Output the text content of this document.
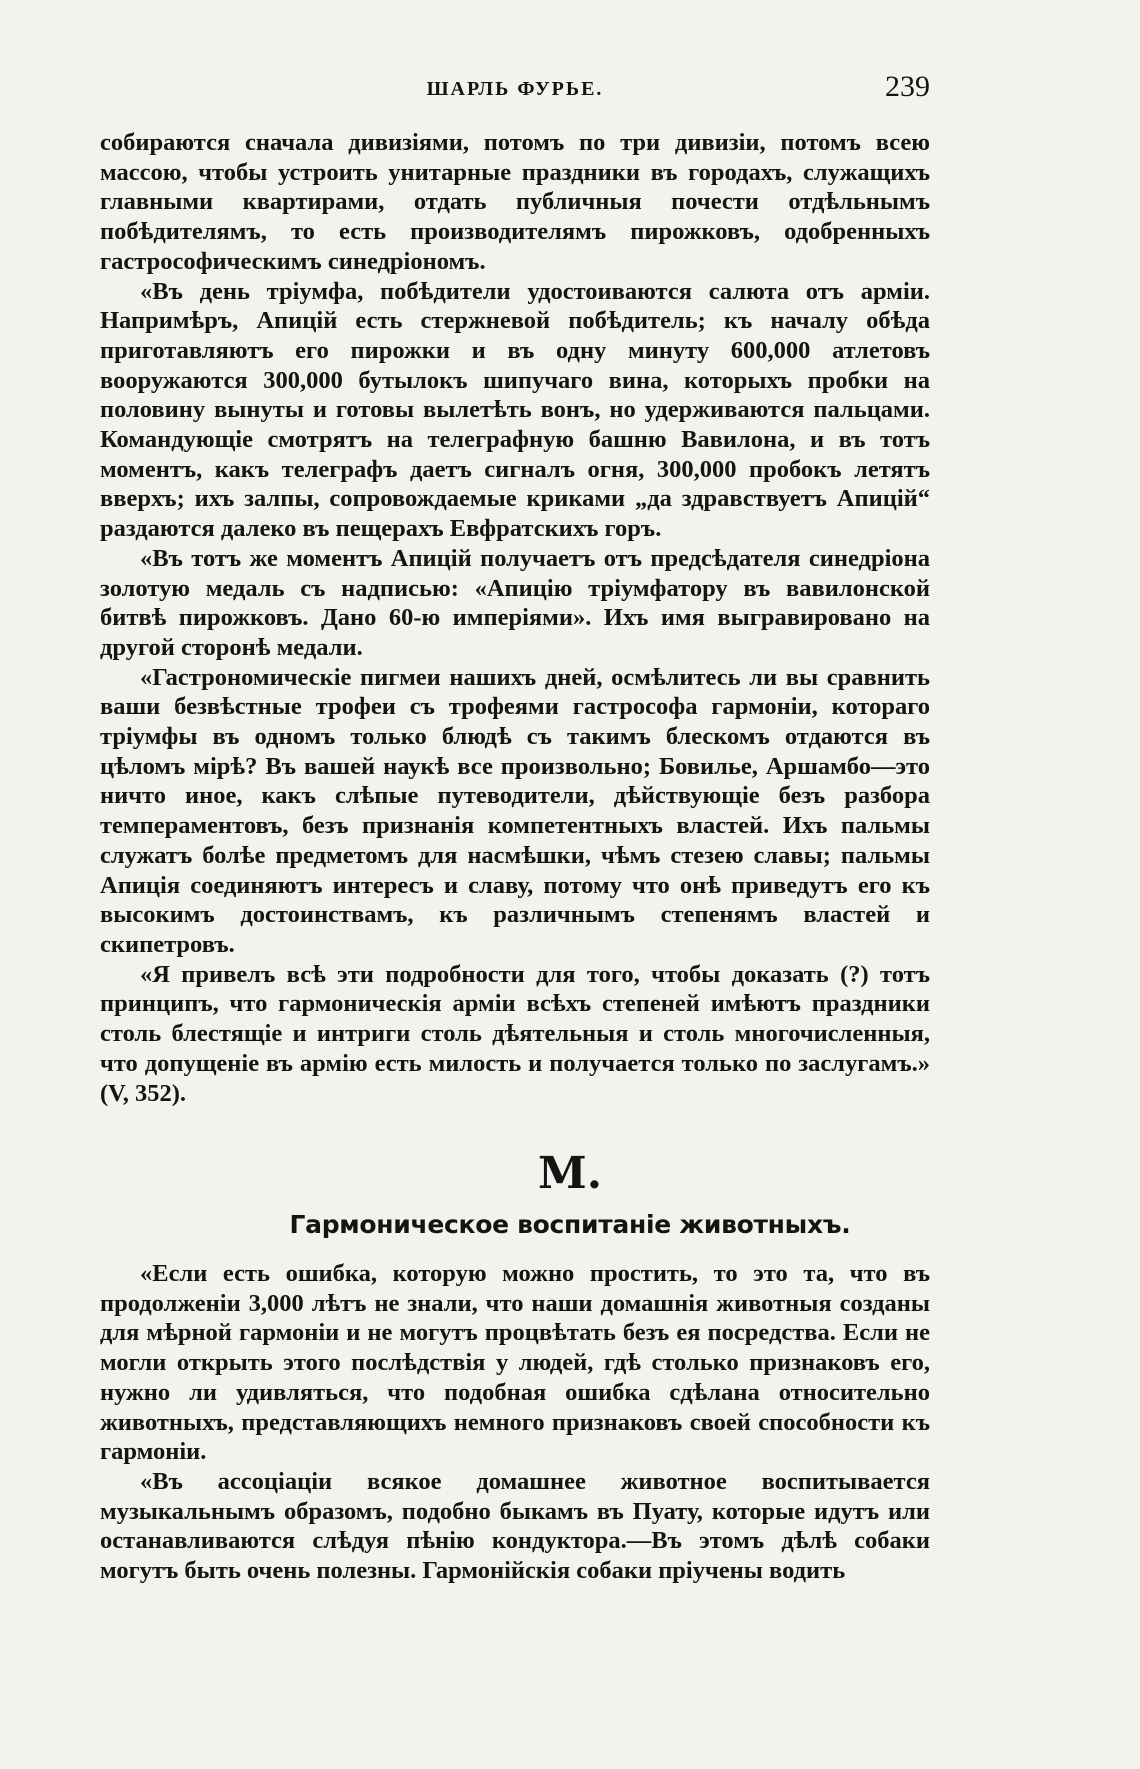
ШАРЛЬ ФУРЬЕ.	239

собираются сначала дивизіями, потомъ по три дивизіи, потомъ всею массою, чтобы устроить унитарные праздники въ городахъ, служащихъ главными квартирами, отдать публичныя почести отдѣльнымъ побѣдителямъ, то есть производителямъ пирожковъ, одобренныхъ гастрософическимъ синедріономъ.

«Въ день тріумфа, побѣдители удостоиваются салюта отъ арміи. Напримѣръ, Апицій есть стержневой побѣдитель; къ началу обѣда приготавляютъ его пирожки и въ одну минуту 600,000 атлетовъ вооружаются 300,000 бутылокъ шипучаго вина, которыхъ пробки на половину вынуты и готовы вылетѣть вонъ, но удерживаются пальцами. Командующіе смотрятъ на телеграфную башню Вавилона, и въ тотъ моментъ, какъ телеграфъ даетъ сигналъ огня, 300,000 пробокъ летятъ вверхъ; ихъ залпы, сопровождаемые криками „да здравствуетъ Апицій“ раздаются далеко въ пещерахъ Евфратскихъ горъ.

«Въ тотъ же моментъ Апицій получаетъ отъ предсѣдателя синедріона золотую медаль съ надписью: «Апицію тріумфатору въ вавилонской битвѣ пирожковъ. Дано 60-ю имперіями». Ихъ имя выгравировано на другой сторонѣ медали.

«Гастрономическіе пигмеи нашихъ дней, осмѣлитесь ли вы сравнить ваши безвѣстные трофеи съ трофеями гастрософа гармоніи, котораго тріумфы въ одномъ только блюдѣ съ такимъ блескомъ отдаются въ цѣломъ мірѣ? Въ вашей наукѣ все произвольно; Бовилье, Аршамбо—это ничто иное, какъ слѣпые путеводители, дѣйствующіе безъ разбора темпераментовъ, безъ признанія компетентныхъ властей. Ихъ пальмы служатъ болѣе предметомъ для насмѣшки, чѣмъ стезею славы; пальмы Апиція соединяютъ интересъ и славу, потому что онѣ приведутъ его къ высокимъ достоинствамъ, къ различнымъ степенямъ властей и скипетровъ.

«Я привелъ всѣ эти подробности для того, чтобы доказать (?) тотъ принципъ, что гармоническія арміи всѣхъ степеней имѣютъ праздники столь блестящіе и интриги столь дѣятельныя и столь многочисленныя, что допущеніе въ армію есть милость и получается только по заслугамъ.» (V, 352).

M.
Гармоническое воспитаніе животныхъ.

«Если есть ошибка, которую можно простить, то это та, что въ продолженіи 3,000 лѣтъ не знали, что наши домашнія животныя созданы для мѣрной гармоніи и не могутъ процвѣтать безъ ея посредства. Если не могли открыть этого послѣдствія у людей, гдѣ столько признаковъ его, нужно ли удивляться, что подобная ошибка сдѣлана относительно животныхъ, представляющихъ немного признаковъ своей способности къ гармоніи.

«Въ ассоціаціи всякое домашнее животное воспитывается музыкальнымъ образомъ, подобно быкамъ въ Пуату, которые идутъ или останавливаются слѣдуя пѣнію кондуктора.—Въ этомъ дѣлѣ собаки могутъ быть очень полезны. Гармонійскія собаки пріучены водить
